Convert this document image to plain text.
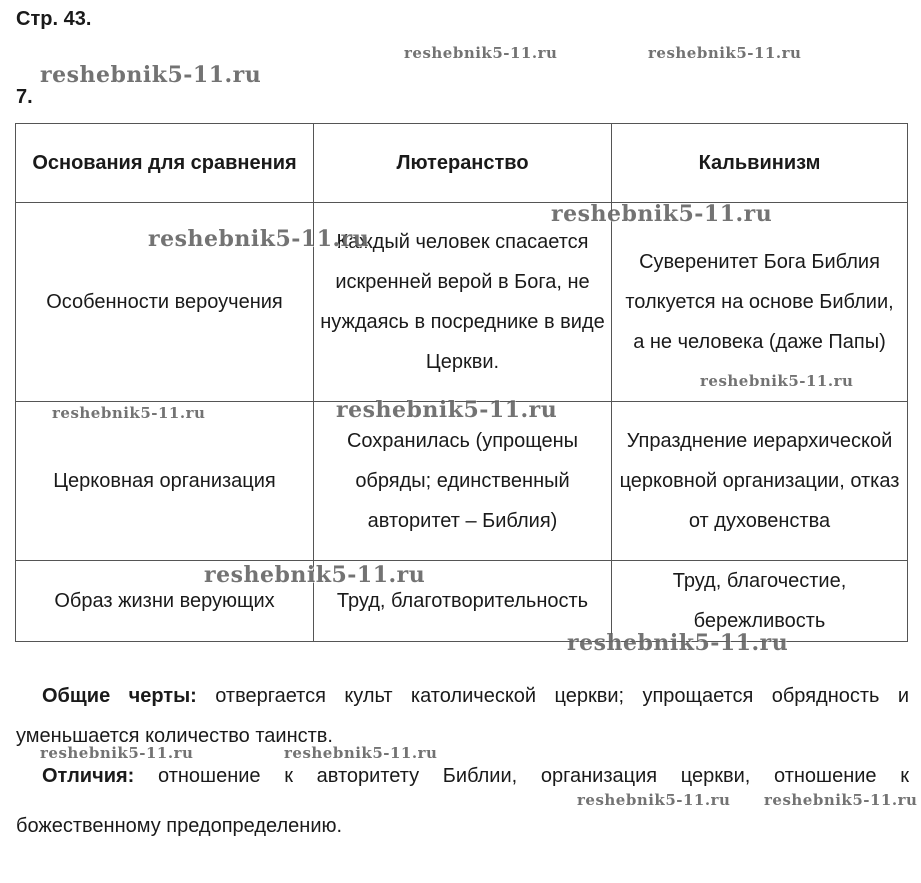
Стр. 43.
7.
Основания для сравнения	Лютеранство	Кальвинизм
Особенности вероучения	Каждый человек спасается искренней верой в Бога, не нуждаясь в посреднике в виде Церкви.	Суверенитет Бога Библия толкуется на основе Библии, а не человека (даже Папы)
Церковная организация	Сохранилась (упрощены обряды; единственный авторитет – Библия)	Упразднение иерархической церковной организации, отказ от духовенства
Образ жизни верующих	Труд, благотворительность	Труд, благочестие, бережливость
Общие черты: отвергается культ католической церкви; упрощается обрядность и уменьшается количество таинств.
Отличия: отношение к авторитету Библии, организация церкви, отношение к
божественному предопределению.
reshebnik5-11.ru	reshebnik5-11.ru
reshebnik5-11.ru
reshebnik5-11.ru
reshebnik5-11.ru
reshebnik5-11.ru
reshebnik5-11.ru	reshebnik5-11.ru
reshebnik5-11.ru
reshebnik5-11.ru
reshebnik5-11.ru	reshebnik5-11.ru
reshebnik5-11.ru reshebnik5-11.ru
